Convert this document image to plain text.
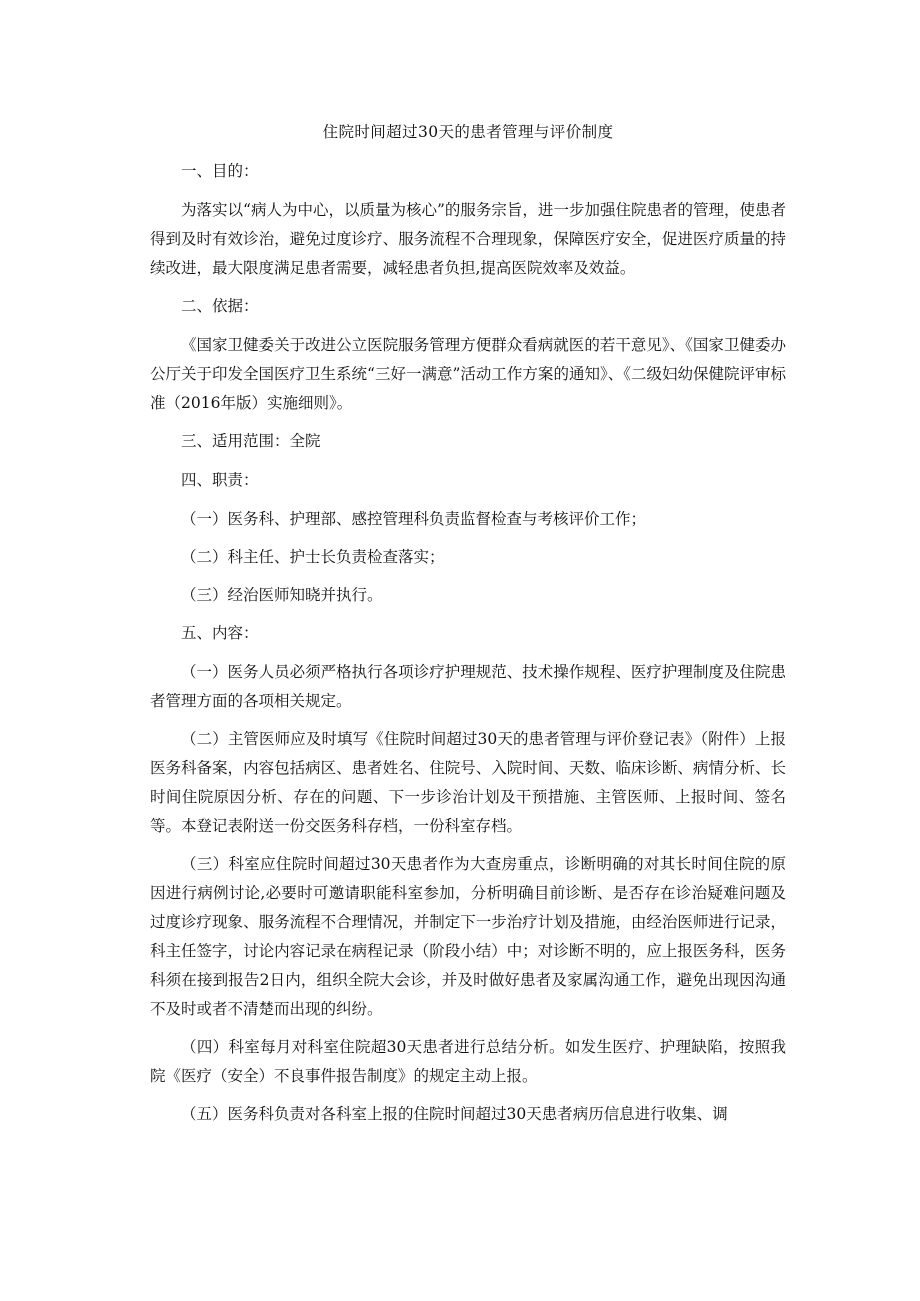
住院时间超过30天的患者管理与评价制度
一、目的：
为落实以“病人为中心，以质量为核心”的服务宗旨，进一步加强住院患者的管理，使患者得到及时有效诊治，避免过度诊疗、服务流程不合理现象，保障医疗安全，促进医疗质量的持续改进，最大限度满足患者需要，减轻患者负担,提高医院效率及效益。
二、依据：
《国家卫健委关于改进公立医院服务管理方便群众看病就医的若干意见》、《国家卫健委办公厅关于印发全国医疗卫生系统“三好一满意”活动工作方案的通知》、《二级妇幼保健院评审标准（2016年版）实施细则》。
三、适用范围：全院
四、职责：
（一）医务科、护理部、感控管理科负责监督检查与考核评价工作；
（二）科主任、护士长负责检查落实；
（三）经治医师知晓并执行。
五、内容：
（一）医务人员必须严格执行各项诊疗护理规范、技术操作规程、医疗护理制度及住院患者管理方面的各项相关规定。
（二）主管医师应及时填写《住院时间超过30天的患者管理与评价登记表》（附件）上报医务科备案，内容包括病区、患者姓名、住院号、入院时间、天数、临床诊断、病情分析、长时间住院原因分析、存在的问题、下一步诊治计划及干预措施、主管医师、上报时间、签名等。本登记表附送一份交医务科存档，一份科室存档。
（三）科室应住院时间超过30天患者作为大查房重点，诊断明确的对其长时间住院的原因进行病例讨论,必要时可邀请职能科室参加，分析明确目前诊断、是否存在诊治疑难问题及过度诊疗现象、服务流程不合理情况，并制定下一步治疗计划及措施，由经治医师进行记录，科主任签字，讨论内容记录在病程记录（阶段小结）中；对诊断不明的，应上报医务科，医务科须在接到报告2日内，组织全院大会诊，并及时做好患者及家属沟通工作，避免出现因沟通不及时或者不清楚而出现的纠纷。
（四）科室每月对科室住院超30天患者进行总结分析。如发生医疗、护理缺陷，按照我院《医疗（安全）不良事件报告制度》的规定主动上报。
（五）医务科负责对各科室上报的住院时间超过30天患者病历信息进行收集、调
